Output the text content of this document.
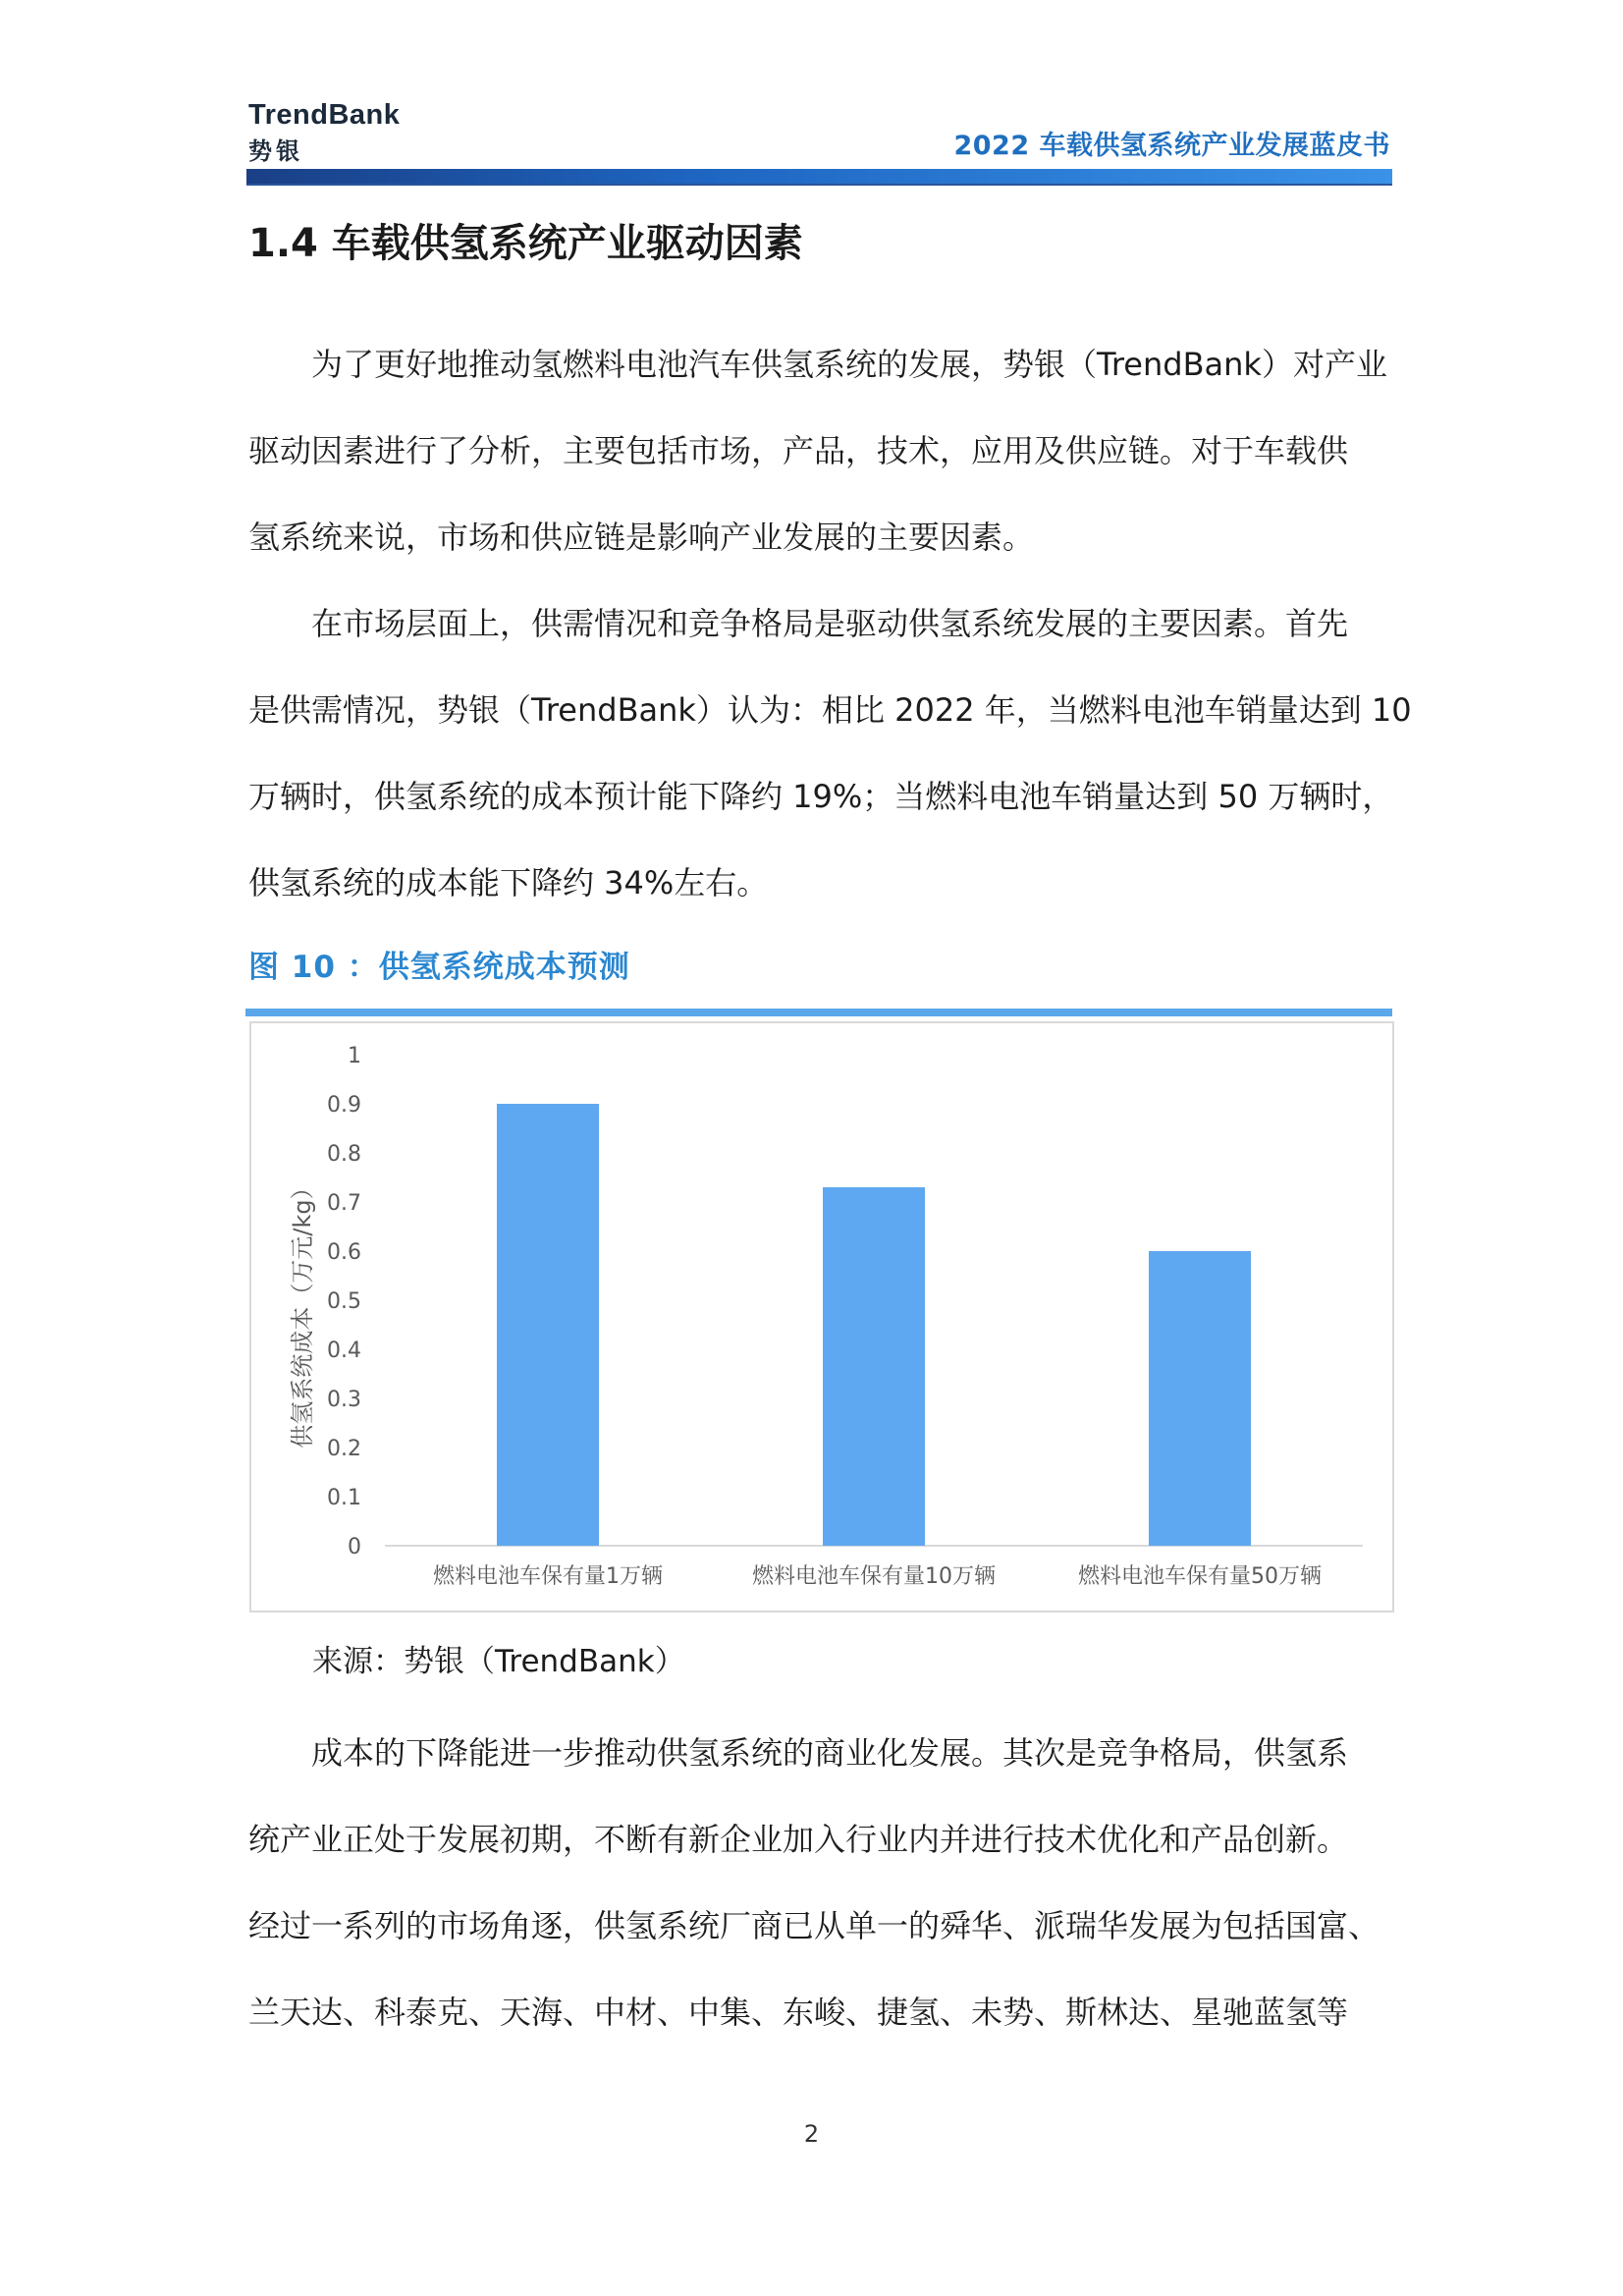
TrendBank
势银	2022 车载供氢系统产业发展蓝皮书
1.4 车载供氢系统产业驱动因素
为了更好地推动氢燃料电池汽车供氢系统的发展，势银（TrendBank）对产业
驱动因素进行了分析，主要包括市场，产品，技术，应用及供应链。对于车载供
氢系统来说，市场和供应链是影响产业发展的主要因素。
在市场层面上，供需情况和竞争格局是驱动供氢系统发展的主要因素。首先
是供需情况，势银（TrendBank）认为：相比 2022 年，当燃料电池车销量达到 10
万辆时，供氢系统的成本预计能下降约 19%；当燃料电池车销量达到 50 万辆时，
供氢系统的成本能下降约 34%左右。
图 10 ：供氢系统成本预测
0
0.1
0.2
0.3
0.4
0.5
0.6
0.7
0.8
0.9
1
燃料电池车保有量1万辆	燃料电池车保有量10万辆	燃料电池车保有量50万辆
供氢系统成本（万元/kg）
来源：势银（TrendBank）
成本的下降能进一步推动供氢系统的商业化发展。其次是竞争格局，供氢系
统产业正处于发展初期，不断有新企业加入行业内并进行技术优化和产品创新。
经过一系列的市场角逐，供氢系统厂商已从单一的舜华、派瑞华发展为包括国富、
兰天达、科泰克、天海、中材、中集、东峻、捷氢、未势、斯林达、星驰蓝氢等
2
